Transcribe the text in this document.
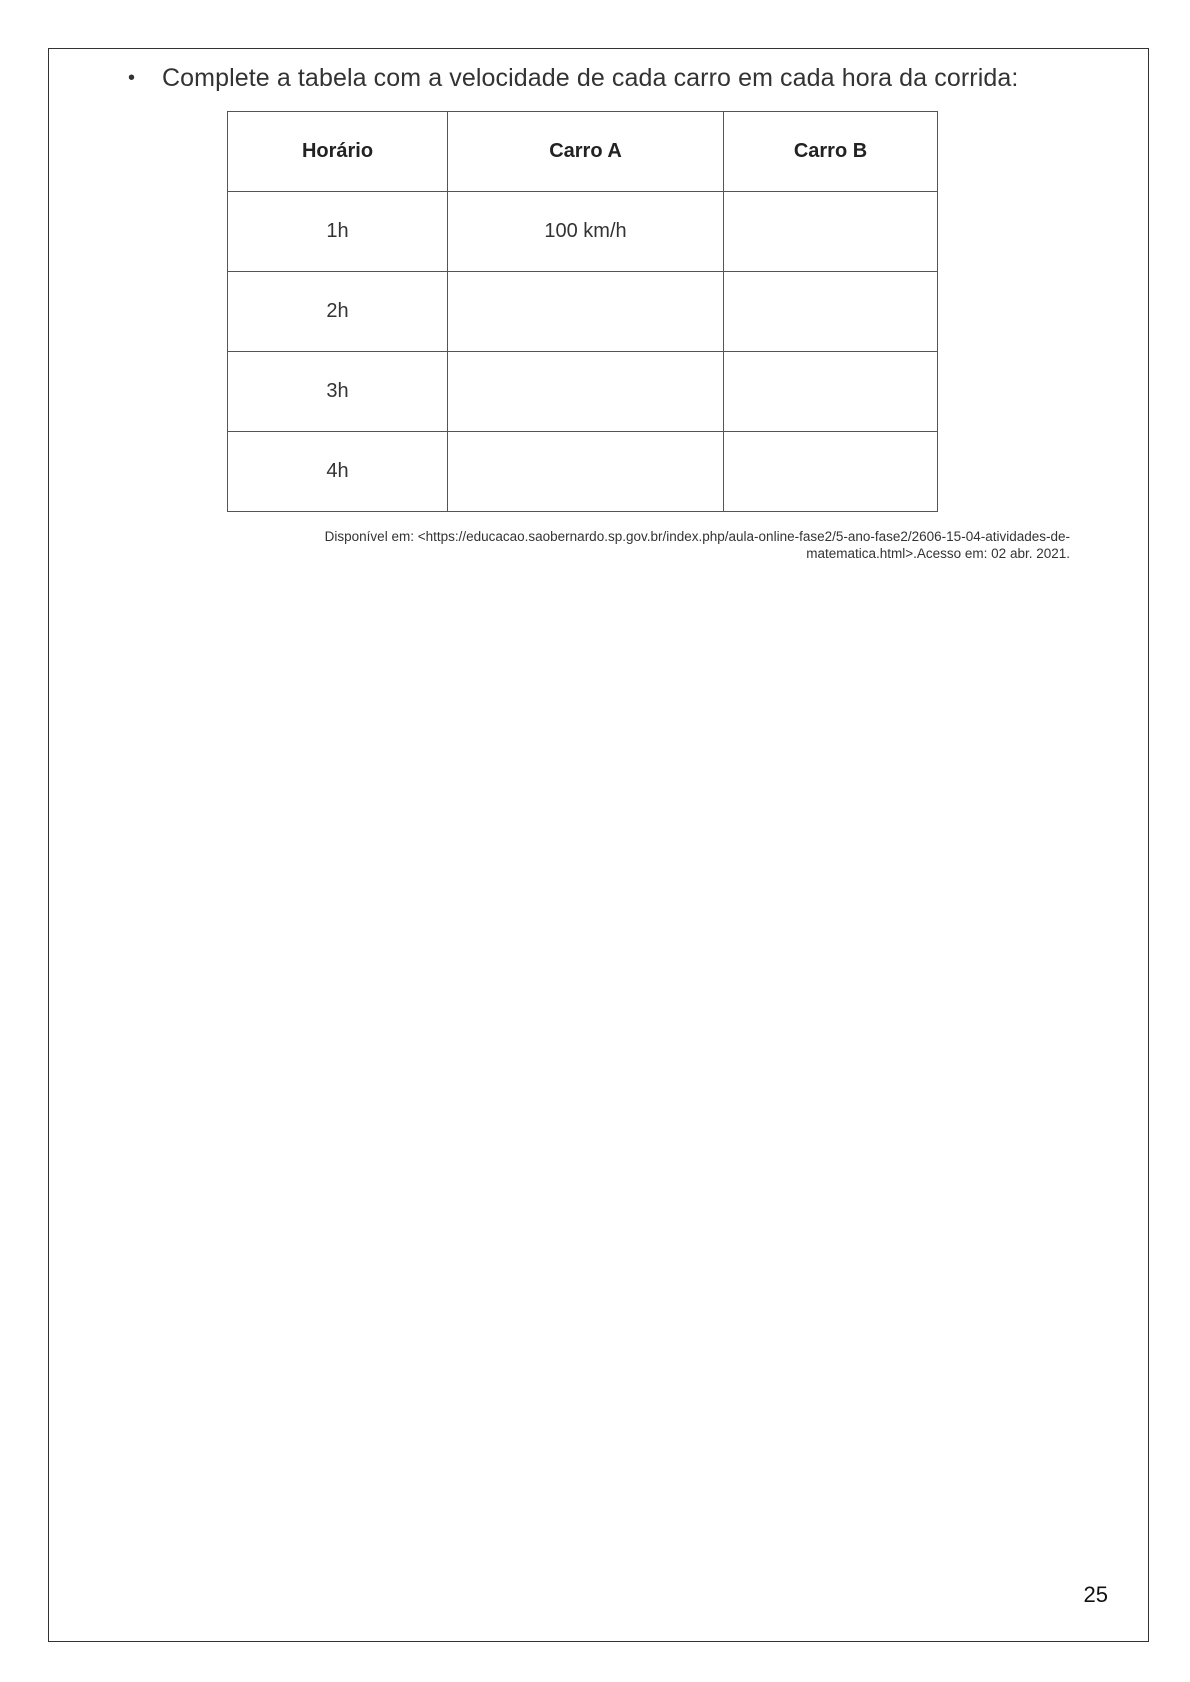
• Complete a tabela com a velocidade de cada carro em cada hora da corrida:
Horário	Carro A	Carro B
1h	100 km/h	
2h		
3h		
4h		
Disponível em: <https://educacao.saobernardo.sp.gov.br/index.php/aula-online-fase2/5-ano-fase2/2606-15-04-atividades-de-
matematica.html>.Acesso em: 02 abr. 2021.
25
